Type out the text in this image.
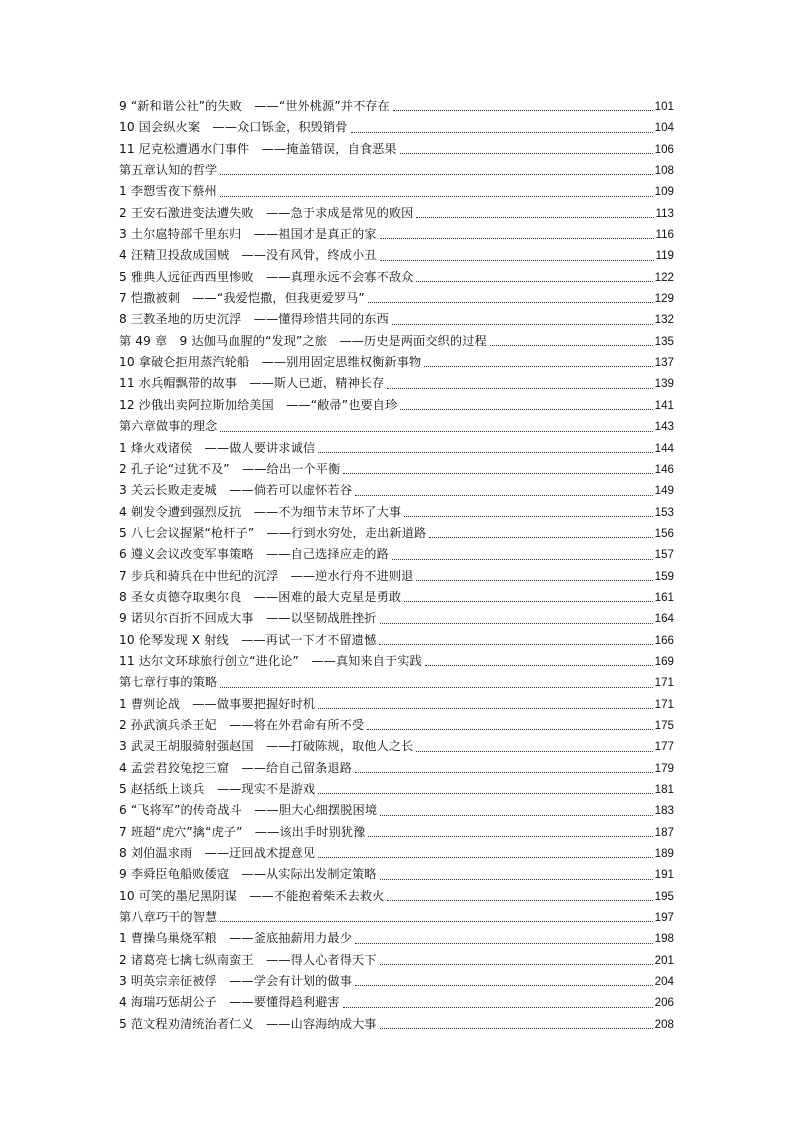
9 “新和谐公社”的失败　——“世外桃源”并不存在	101
10 国会纵火案　——众口铄金，积毁销骨	104
11 尼克松遭遇水门事件　——掩盖错误，自食恶果	106
第五章认知的哲学	108
1 李愬雪夜下蔡州	109
2 王安石激进变法遭失败　——急于求成是常见的败因	113
3 土尔扈特部千里东归　——祖国才是真正的家	116
4 汪精卫投敌成国贼　——没有风骨，终成小丑	119
5 雅典人远征西西里惨败　——真理永远不会寡不敌众	122
7 恺撒被刺　——“我爱恺撒，但我更爱罗马”	129
8 三教圣地的历史沉浮　——懂得珍惜共同的东西	132
第 49 章　9 达伽马血腥的“发现”之旅　——历史是两面交织的过程	135
10 拿破仑拒用蒸汽轮船　——别用固定思维权衡新事物	137
11 水兵帽飘带的故事　——斯人已逝，精神长存	139
12 沙俄出卖阿拉斯加给美国　——“敝帚”也要自珍	141
第六章做事的理念	143
1 烽火戏诸侯　——做人要讲求诚信	144
2 孔子论“过犹不及”　——给出一个平衡	146
3 关云长败走麦城　——倘若可以虚怀若谷	149
4 剃发令遭到强烈反抗　——不为细节末节坏了大事	153
5 八七会议握紧“枪杆子”　——行到水穷处，走出新道路	156
6 遵义会议改变军事策略　——自己选择应走的路	157
7 步兵和骑兵在中世纪的沉浮　——逆水行舟不进则退	159
8 圣女贞德夺取奥尔良　——困难的最大克星是勇敢	161
9 诺贝尔百折不回成大事　——以坚韧战胜挫折	164
10 伦琴发现 X 射线　——再试一下才不留遗憾	166
11 达尔文环球旅行创立“进化论”　——真知来自于实践	169
第七章行事的策略	171
1 曹刿论战　——做事要把握好时机	171
2 孙武演兵杀王妃　——将在外君命有所不受	175
3 武灵王胡服骑射强赵国　——打破陈规，取他人之长	177
4 孟尝君狡兔挖三窟　——给自己留条退路	179
5 赵括纸上谈兵　——现实不是游戏	181
6 “飞将军”的传奇战斗　——胆大心细摆脱困境	183
7 班超“虎穴”擒“虎子”　——该出手时别犹豫	187
8 刘伯温求雨　——迂回战术提意见	189
9 李舜臣龟船败倭寇　——从实际出发制定策略	191
10 可笑的墨尼黑阴谋　——不能抱着柴禾去救火	195
第八章巧干的智慧	197
1 曹操乌巢烧军粮　——釜底抽薪用力最少	198
2 诸葛亮七擒七纵南蛮王　——得人心者得天下	201
3 明英宗亲征被俘　——学会有计划的做事	204
4 海瑞巧惩胡公子　——要懂得趋利避害	206
5 范文程劝清统治者仁义　——山容海纳成大事	208
